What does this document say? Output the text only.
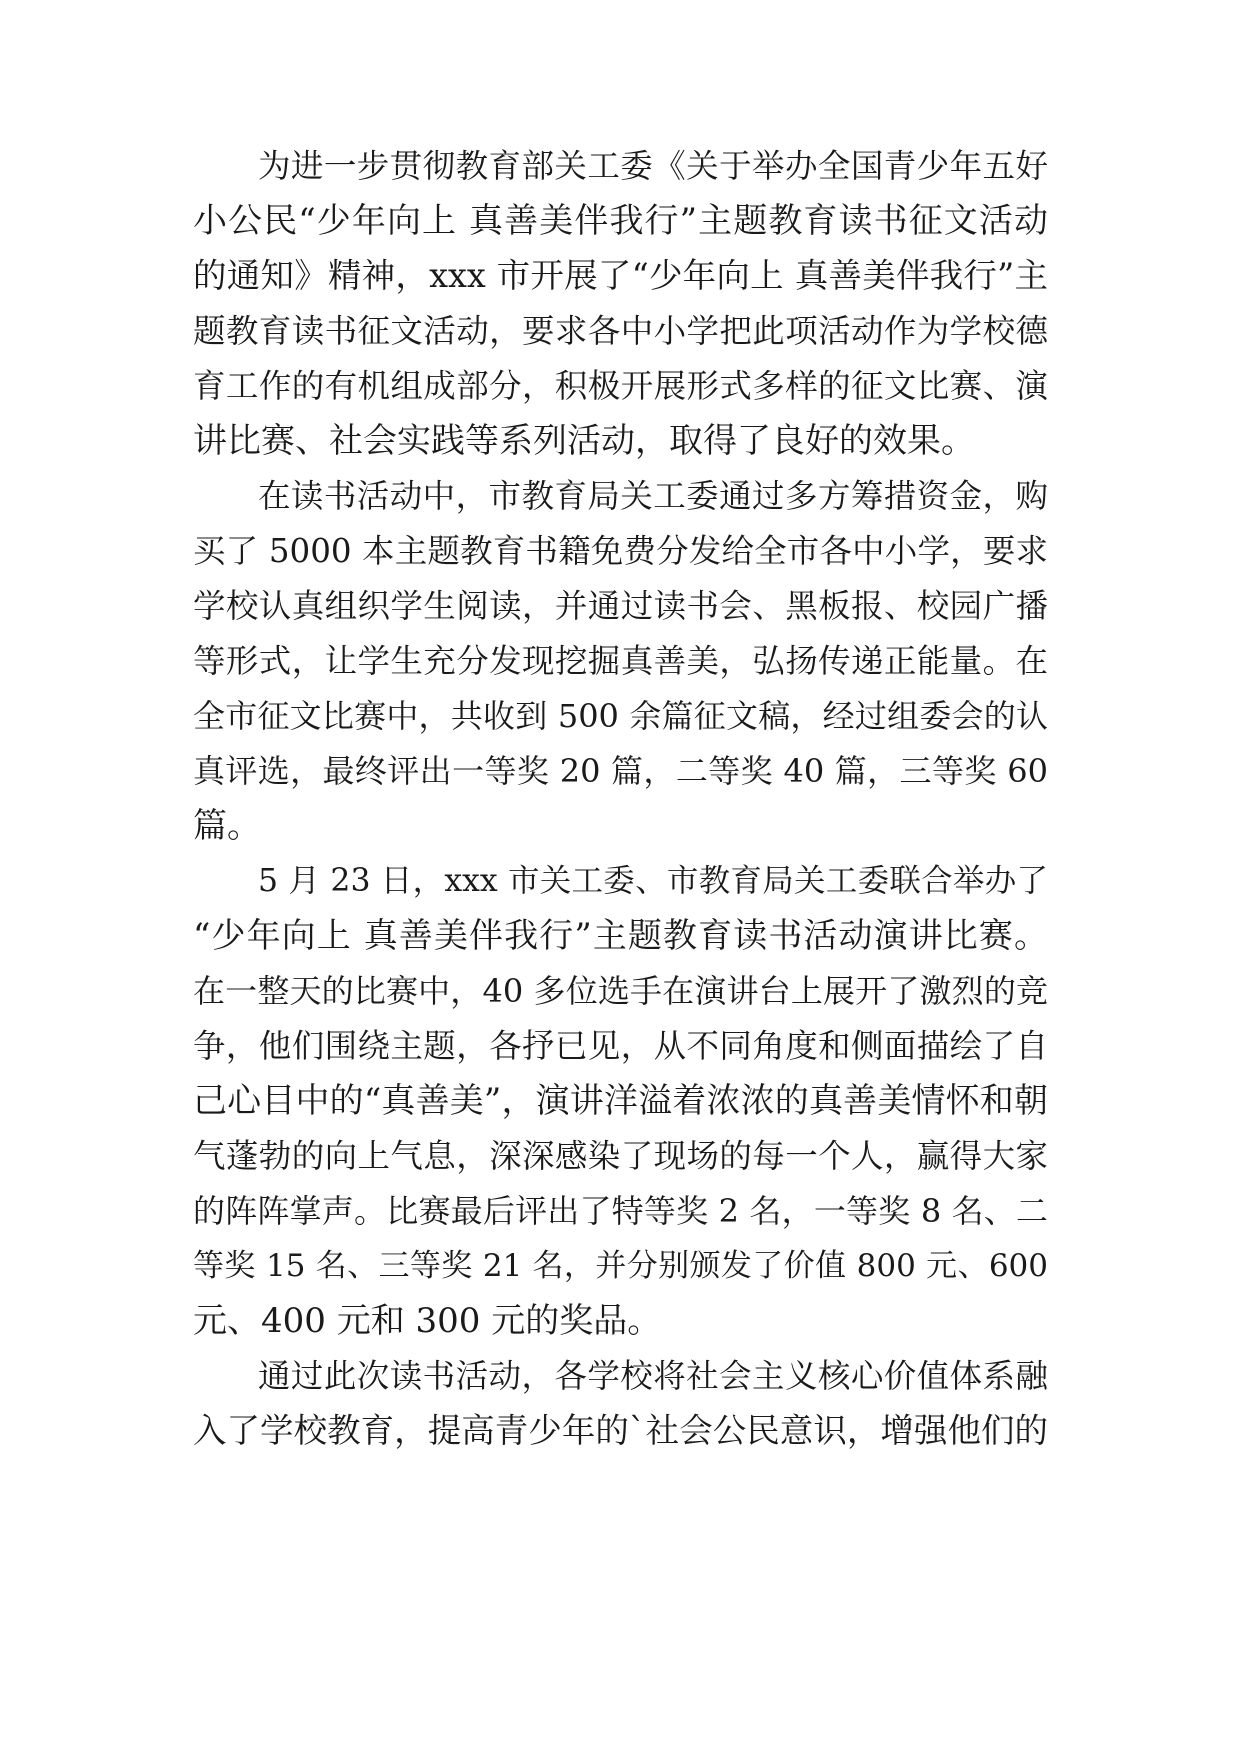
为进一步贯彻教育部关工委《关于举办全国青少年五好
小公民“少年向上 真善美伴我行”主题教育读书征文活动
的通知》精神，xxx 市开展了“少年向上 真善美伴我行”主
题教育读书征文活动，要求各中小学把此项活动作为学校德
育工作的有机组成部分，积极开展形式多样的征文比赛、演
讲比赛、社会实践等系列活动，取得了良好的效果。
在读书活动中，市教育局关工委通过多方筹措资金，购
买了 5000 本主题教育书籍免费分发给全市各中小学，要求
学校认真组织学生阅读，并通过读书会、黑板报、校园广播
等形式，让学生充分发现挖掘真善美，弘扬传递正能量。在
全市征文比赛中，共收到 500 余篇征文稿，经过组委会的认
真评选，最终评出一等奖 20 篇，二等奖 40 篇，三等奖 60
篇。
5 月 23 日，xxx 市关工委、市教育局关工委联合举办了
“少年向上 真善美伴我行”主题教育读书活动演讲比赛。
在一整天的比赛中，40 多位选手在演讲台上展开了激烈的竞
争，他们围绕主题，各抒已见，从不同角度和侧面描绘了自
己心目中的“真善美”，演讲洋溢着浓浓的真善美情怀和朝
气蓬勃的向上气息，深深感染了现场的每一个人，赢得大家
的阵阵掌声。比赛最后评出了特等奖 2 名，一等奖 8 名、二
等奖 15 名、三等奖 21 名，并分别颁发了价值 800 元、600
元、400 元和 300 元的奖品。
通过此次读书活动，各学校将社会主义核心价值体系融
入了学校教育，提高青少年的`社会公民意识，增强他们的
